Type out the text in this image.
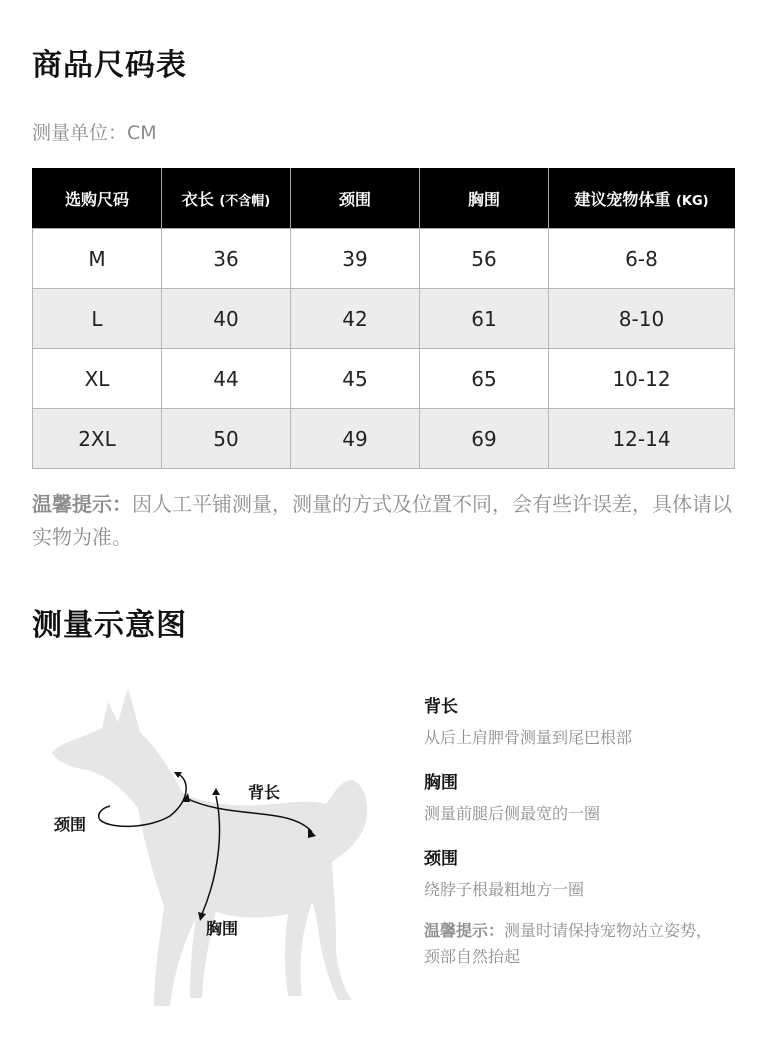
商品尺码表
测量单位：CM
选购尺码	衣长 (不含帽)	颈围	胸围	建议宠物体重 (KG)
M	36	39	56	6-8
L	40	42	61	8-10
XL	44	45	65	10-12
2XL	50	49	69	12-14
温馨提示：因人工平铺测量，测量的方式及位置不同，会有些许误差，具体请以实物为准。
测量示意图
背长
颈围
胸围
背长
从后上肩胛骨测量到尾巴根部
胸围
测量前腿后侧最宽的一圈
颈围
绕脖子根最粗地方一圈
温馨提示：测量时请保持宠物站立姿势，颈部自然抬起
